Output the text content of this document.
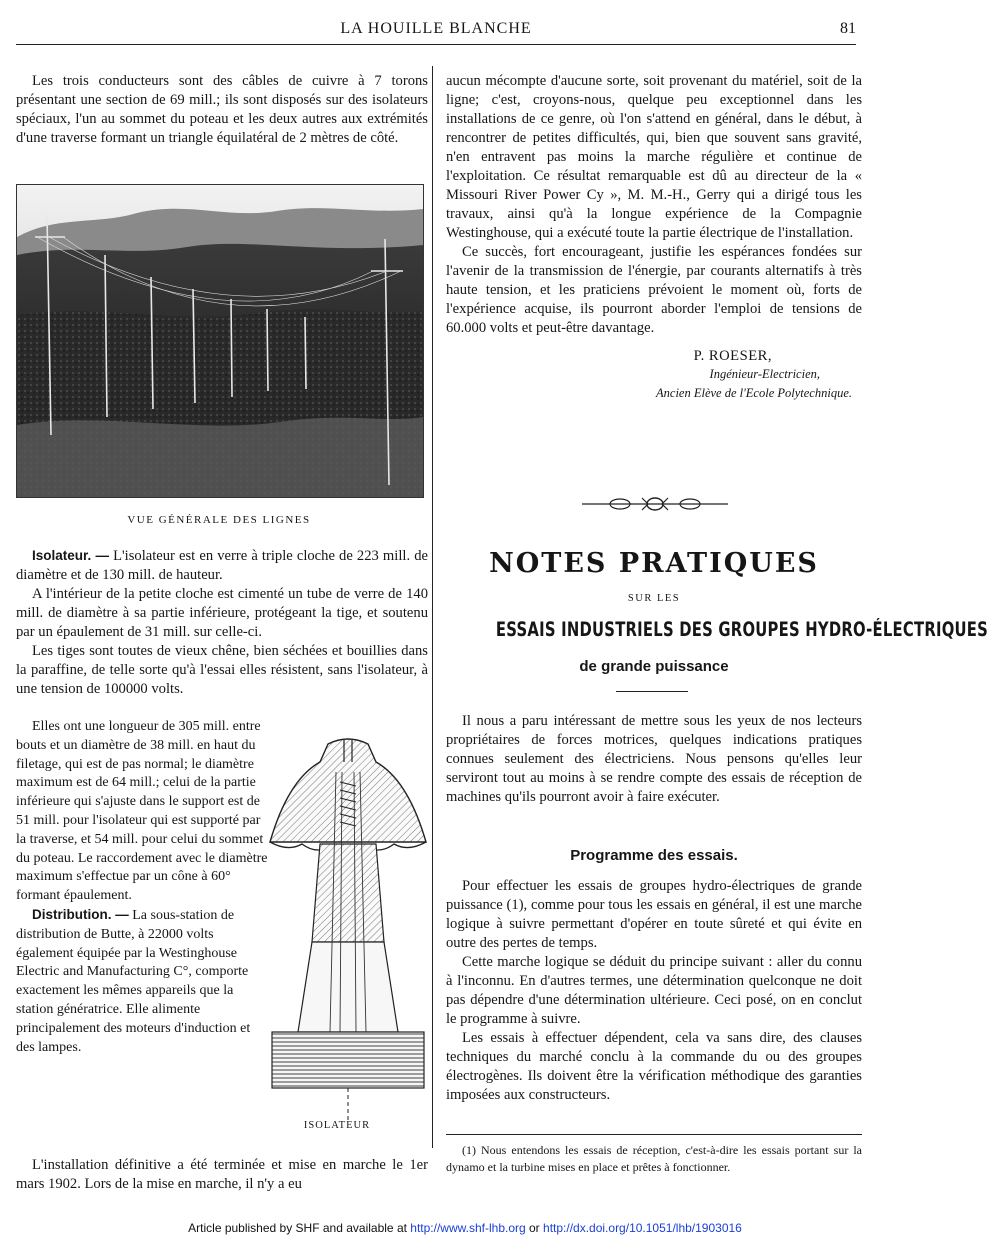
LA HOUILLE BLANCHE	81

Les trois conducteurs sont des câbles de cuivre à 7 torons présentant une section de 69 mill.; ils sont disposés sur des isolateurs spéciaux, l'un au sommet du poteau et les deux autres aux extrémités d'une traverse formant un triangle équilatéral de 2 mètres de côté.

VUE GÉNÉRALE DES LIGNES

Isolateur. — L'isolateur est en verre à triple cloche de 223 mill. de diamètre et de 130 mill. de hauteur.

A l'intérieur de la petite cloche est cimenté un tube de verre de 140 mill. de diamètre à sa partie inférieure, protégeant la tige, et soutenu par un épaulement de 31 mill. sur celle-ci.

Les tiges sont toutes de vieux chêne, bien séchées et bouillies dans la paraffine, de telle sorte qu'à l'essai elles résistent, sans l'isolateur, à une tension de 100000 volts.

Elles ont une longueur de 305 mill. entre bouts et un diamètre de 38 mill. en haut du filetage, qui est de pas normal; le diamètre maximum est de 64 mill.; celui de la partie inférieure qui s'ajuste dans le support est de 51 mill. pour l'isolateur qui est supporté par la traverse, et 54 mill. pour celui du sommet du poteau. Le raccordement avec le diamètre maximum s'effectue par un cône à 60° formant épaulement.

Distribution. — La sous-station de distribution de Butte, à 22000 volts également équipée par la Westinghouse Electric and Manufacturing C°, comporte exactement les mêmes appareils que la station génératrice. Elle alimente principalement des moteurs d'induction et des lampes.

ISOLATEUR

L'installation définitive a été terminée et mise en marche le 1er mars 1902. Lors de la mise en marche, il n'y a eu

aucun mécompte d'aucune sorte, soit provenant du matériel, soit de la ligne; c'est, croyons-nous, quelque peu exceptionnel dans les installations de ce genre, où l'on s'attend en général, dans le début, à rencontrer de petites difficultés, qui, bien que souvent sans gravité, n'en entravent pas moins la marche régulière et continue de l'exploitation. Ce résultat remarquable est dû au directeur de la « Missouri River Power Cy », M. M.-H., Gerry qui a dirigé tous les travaux, ainsi qu'à la longue expérience de la Compagnie Westinghouse, qui a exécuté toute la partie électrique de l'installation.

Ce succès, fort encourageant, justifie les espérances fondées sur l'avenir de la transmission de l'énergie, par courants alternatifs à très haute tension, et les praticiens prévoient le moment où, forts de l'expérience acquise, ils pourront aborder l'emploi de tensions de 60.000 volts et peut-être davantage.

P. ROESER,
Ingénieur-Electricien,
Ancien Elève de l'Ecole Polytechnique.
NOTES PRATIQUES
SUR LES
ESSAIS INDUSTRIELS DES GROUPES HYDRO-ÉLECTRIQUES
de grande puissance

Il nous a paru intéressant de mettre sous les yeux de nos lecteurs propriétaires de forces motrices, quelques indications pratiques connues seulement des électriciens. Nous pensons qu'elles leur serviront tout au moins à se rendre compte des essais de réception de machines qu'ils pourront avoir à faire exécuter.

Programme des essais.

Pour effectuer les essais de groupes hydro-électriques de grande puissance (1), comme pour tous les essais en général, il est une marche logique à suivre permettant d'opérer en toute sûreté et qui évite en outre des pertes de temps.

Cette marche logique se déduit du principe suivant : aller du connu à l'inconnu. En d'autres termes, une détermination quelconque ne doit pas dépendre d'une détermination ultérieure. Ceci posé, on en conclut le programme à suivre.

Les essais à effectuer dépendent, cela va sans dire, des clauses techniques du marché conclu à la commande du ou des groupes électrogènes. Ils doivent être la vérification méthodique des garanties imposées aux constructeurs.

(1) Nous entendons les essais de réception, c'est-à-dire les essais portant sur la dynamo et la turbine mises en place et prêtes à fonctionner.

Article published by SHF and available at http://www.shf-lhb.org or http://dx.doi.org/10.1051/lhb/1903016
